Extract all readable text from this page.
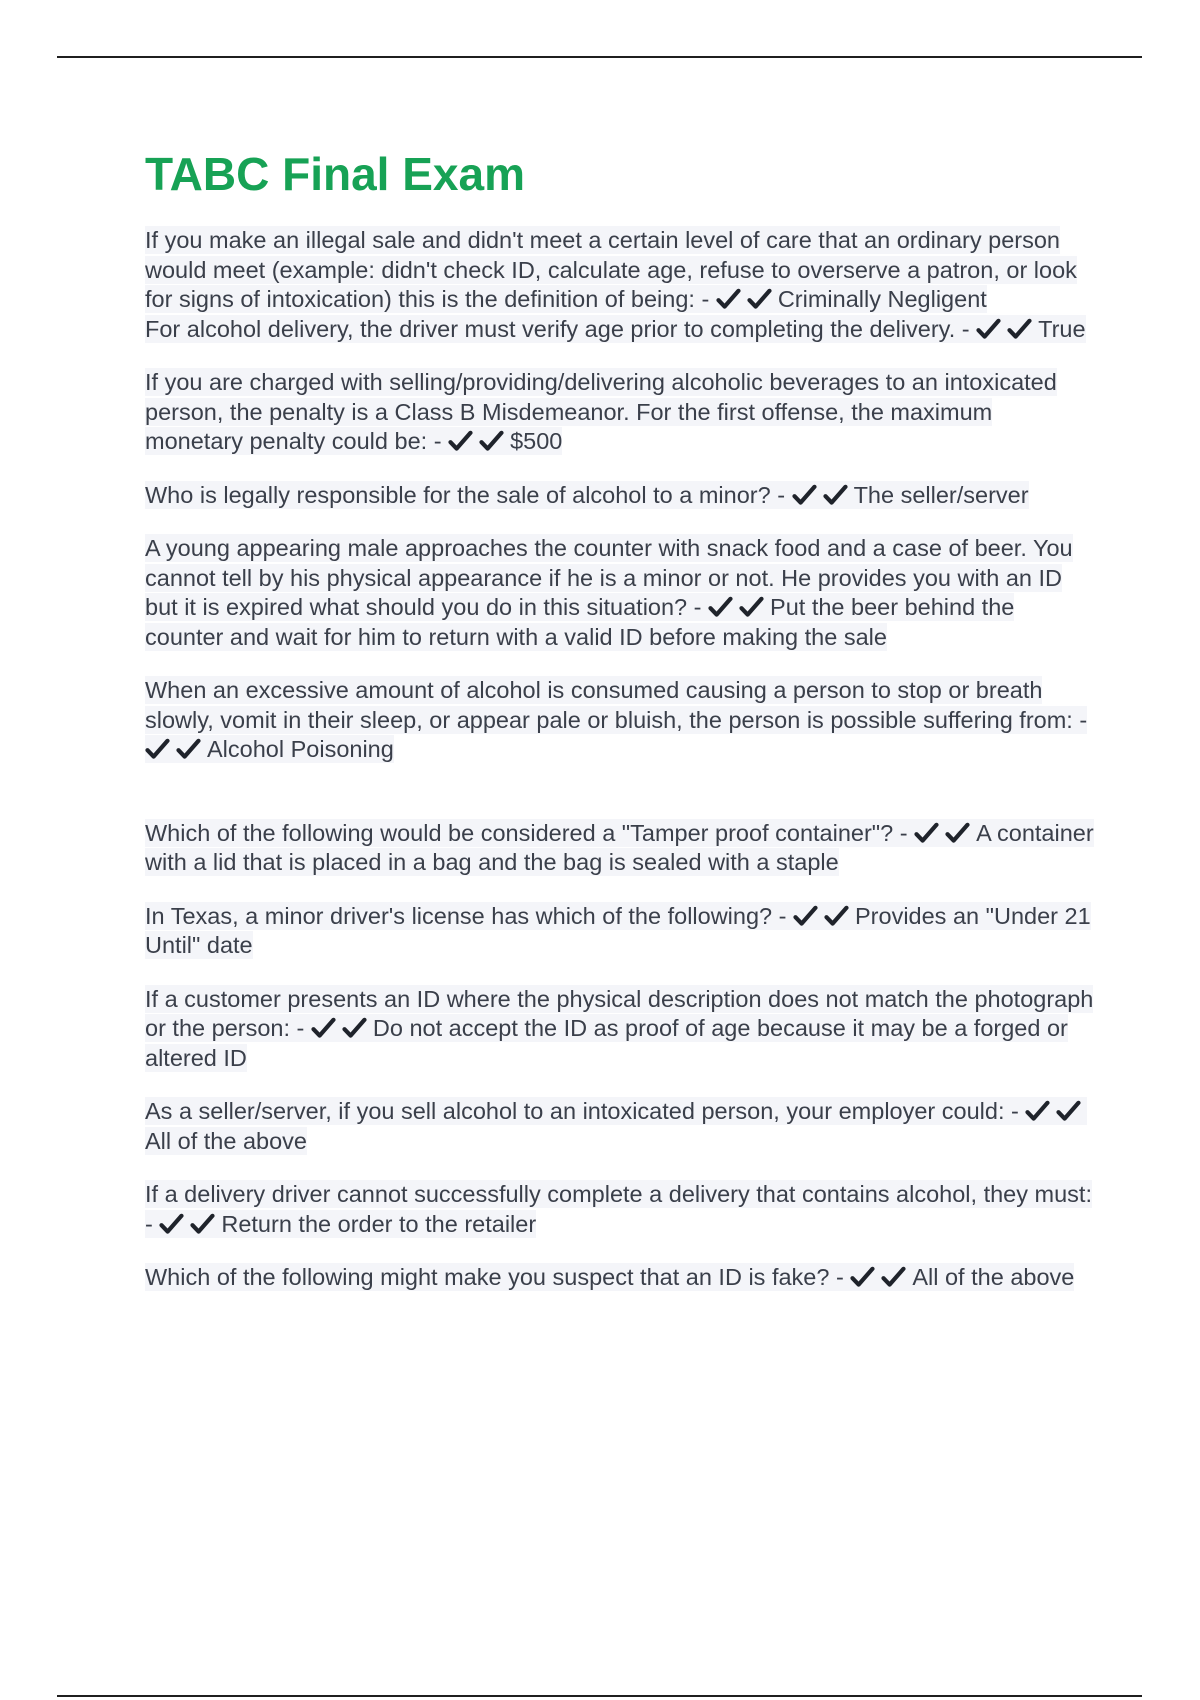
TABC Final Exam

If you make an illegal sale and didn't meet a certain level of care that an ordinary person would meet (example: didn't check ID, calculate age, refuse to overserve a patron, or look for signs of intoxication) this is the definition of being: -	Criminally Negligent

For alcohol delivery, the driver must verify age prior to completing the delivery. -	True

If you are charged with selling/providing/delivering alcoholic beverages to an intoxicated person, the penalty is a Class B Misdemeanor. For the first offense, the maximum monetary penalty could be: -	$500

Who is legally responsible for the sale of alcohol to a minor? -	The seller/server

A young appearing male approaches the counter with snack food and a case of beer. You cannot tell by his physical appearance if he is a minor or not. He provides you with an ID but it is expired what should you do in this situation? -	Put the beer behind the counter and wait for him to return with a valid ID before making the sale

When an excessive amount of alcohol is consumed causing a person to stop or breath slowly, vomit in their sleep, or appear pale or bluish, the person is possible suffering from: -
Alcohol Poisoning

Which of the following would be considered a "Tamper proof container"? -	A container with a lid that is placed in a bag and the bag is sealed with a staple

In Texas, a minor driver's license has which of the following? -	Provides an "Under 21 Until" date

If a customer presents an ID where the physical description does not match the photograph or the person: -	Do not accept the ID as proof of age because it may be a forged or altered ID

As a seller/server, if you sell alcohol to an intoxicated person, your employer could: -
All of the above

If a delivery driver cannot successfully complete a delivery that contains alcohol, they must: -	Return the order to the retailer

Which of the following might make you suspect that an ID is fake? -	All of the above
